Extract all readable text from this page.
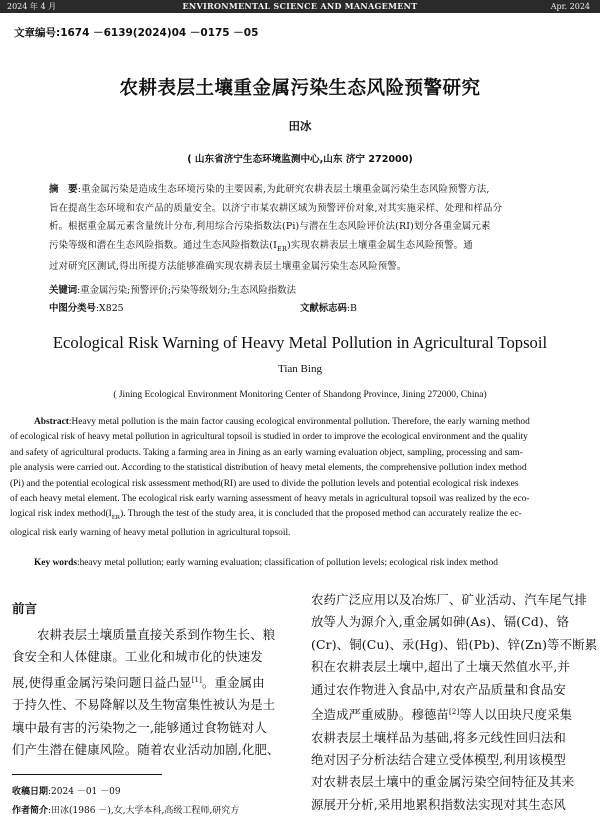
2024 年 4 月	ENVIRONMENTAL SCIENCE AND MANAGEMENT	Apr. 2024
文章编号:1674 －6139(2024)04 －0175 －05
农耕表层土壤重金属污染生态风险预警研究
田冰
( 山东省济宁生态环境监测中心,山东 济宁 272000)
摘　要:重金属污染是造成生态环境污染的主要因素,为此研究农耕表层土壤重金属污染生态风险预警方法,
旨在提高生态环境和农产品的质量安全。以济宁市某农耕区域为预警评价对象,对其实施采样、处理和样品分
析。根据重金属元素含量统计分布,利用综合污染指数法(Pi)与潜在生态风险评价法(RI)划分各重金属元素
污染等级和潜在生态风险指数。通过生态风险指数法$(I_{ER})$实现农耕表层土壤重金属生态风险预警。通
过对研究区测试,得出所提方法能够准确实现农耕表层土壤重金属污染生态风险预警。
关键词:重金属污染;预警评价;污染等级划分;生态风险指数法
中图分类号:X825	文献标志码:B
Ecological Risk Warning of Heavy Metal Pollution in Agricultural Topsoil
Tian Bing
( Jining Ecological Environment Monitoring Center of Shandong Province, Jining 272000, China)
Abstract:Heavy metal pollution is the main factor causing ecological environmental pollution. Therefore, the early warning method
of ecological risk of heavy metal pollution in agricultural topsoil is studied in order to improve the ecological environment and the quality
and safety of agricultural products. Taking a farming area in Jining as an early warning evaluation object, sampling, processing and sam-
ple analysis were carried out. According to the statistical distribution of heavy metal elements, the comprehensive pollution index method
(Pi) and the potential ecological risk assessment method(RI) are used to divide the pollution levels and potential ecological risk indexes
of each heavy metal element. The ecological risk early warning assessment of heavy metals in agricultural topsoil was realized by the eco-
logical risk index $method(I_{ER})$. Through the test of the study area, it is concluded that the proposed method can accurately realize the ec-
ological risk early warning of heavy metal pollution in agricultural topsoil.
Key words:heavy metal pollution; early warning evaluation; classification of pollution levels; ecological risk index method
前言

农耕表层土壤质量直接关系到作物生长、粮

食安全和人体健康。工业化和城市化的快速发

展,使得重金属污染问题日益凸显[1]。重金属由

于持久性、不易降解以及生物富集性被认为是土

壤中最有害的污染物之一,能够通过食物链对人

们产生潜在健康风险。随着农业活动加剧,化肥、

收稿日期:2024 －01 －09
作者简介:田冰(1986 －),女,大学本科,高级工程师,研究方

农药广泛应用以及冶炼厂、矿业活动、汽车尾气排

放等人为源介入,重金属如砷(As)、镉(Cd)、铬

(Cr)、铜(Cu)、汞(Hg)、铅(Pb)、锌(Zn)等不断累

积在农耕表层土壤中,超出了土壤天然值水平,并

通过农作物进入食品中,对农产品质量和食品安

全造成严重威胁。穆德苗[2]等人以田块尺度采集

农耕表层土壤样品为基础,将多元线性回归法和

绝对因子分析法结合建立受体模型,利用该模型

对农耕表层土壤中的重金属污染空间特征及其来

源展开分析,采用地累积指数法实现对其生态风
